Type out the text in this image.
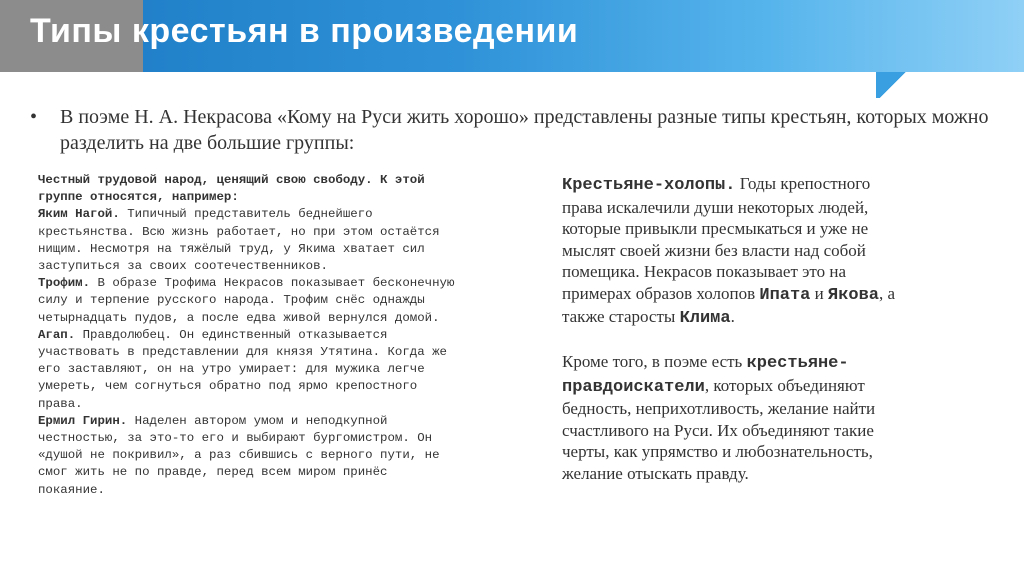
Типы крестьян в произведении

• В поэме Н. А. Некрасова «Кому на Руси жить хорошо» представлены разные типы крестьян, которых можно разделить на две большие группы:

Честный трудовой народ, ценящий свою свободу. К этой группе относятся, например:

Яким Нагой. Типичный представитель беднейшего крестьянства. Всю жизнь работает, но при этом остаётся нищим. Несмотря на тяжёлый труд, у Якима хватает сил заступиться за своих соотечественников.

Трофим. В образе Трофима Некрасов показывает бесконечную силу и терпение русского народа. Трофим снёс однажды четырнадцать пудов, а после едва живой вернулся домой.

Агап. Правдолюбец. Он единственный отказывается участвовать в представлении для князя Утятина. Когда же его заставляют, он на утро умирает: для мужика легче умереть, чем согнуться обратно под ярмо крепостного права.

Ермил Гирин. Наделен автором умом и неподкупной честностью, за это-то его и выбирают бургомистром. Он «душой не покривил», а раз сбившись с верного пути, не смог жить не по правде, перед всем миром принёс покаяние.

Крестьяне-холопы. Годы крепостного права искалечили души некоторых людей, которые привыкли пресмыкаться и уже не мыслят своей жизни без власти над собой помещика. Некрасов показывает это на примерах образов холопов Ипата и Якова, а также старосты Клима.

Кроме того, в поэме есть крестьяне-правдоискатели, которых объединяют бедность, неприхотливость, желание найти счастливого на Руси. Их объединяют такие черты, как упрямство и любознательность, желание отыскать правду.
